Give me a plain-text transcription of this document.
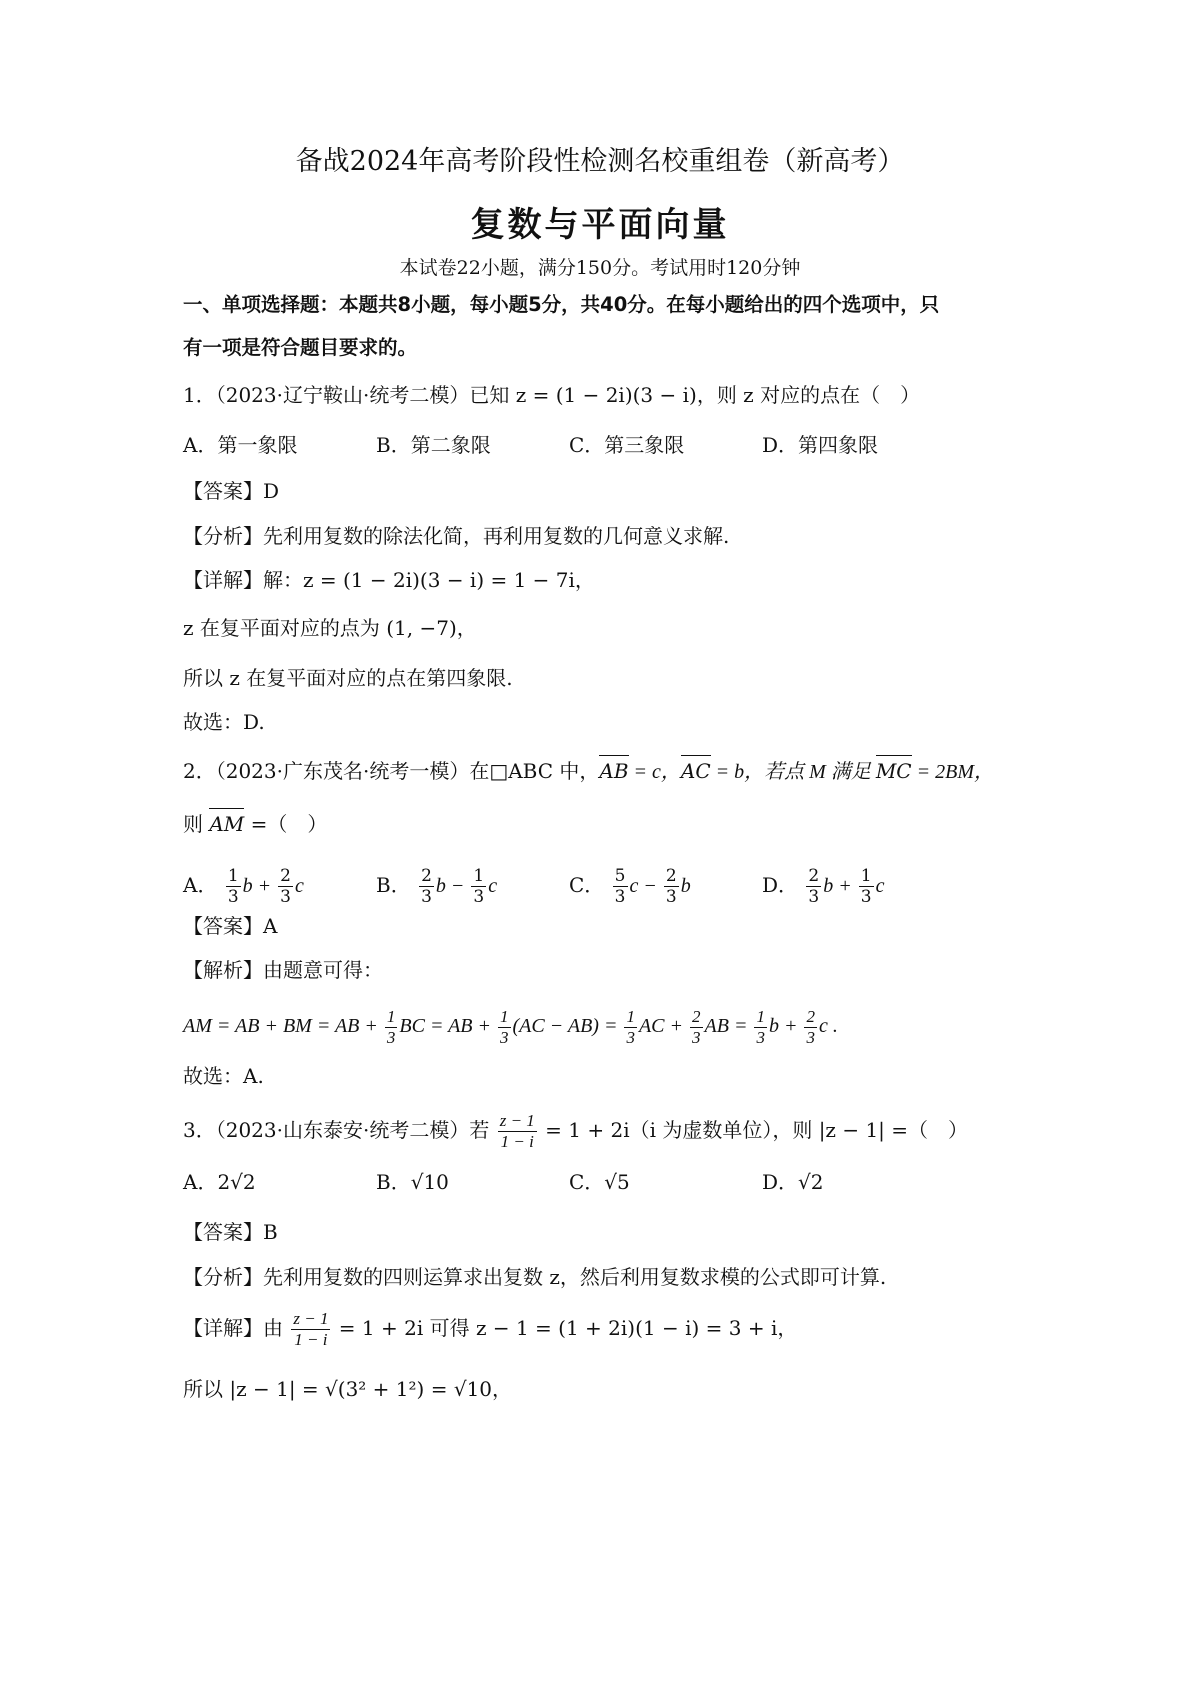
备战2024年高考阶段性检测名校重组卷（新高考）
复数与平面向量
本试卷22小题，满分150分。考试用时120分钟
一、单项选择题：本题共8小题，每小题5分，共40分。在每小题给出的四个选项中，只
有一项是符合题目要求的。
1．（2023·辽宁鞍山·统考二模）已知 z = (1 − 2i)(3 − i)，则 z 对应的点在（　）
A．第一象限	B．第二象限	C．第三象限	D．第四象限
【答案】D
【分析】先利用复数的除法化简，再利用复数的几何意义求解.
【详解】解：z = (1 − 2i)(3 − i) = 1 − 7i，
z 在复平面对应的点为 (1, −7)，
所以 z 在复平面对应的点在第四象限.
故选：D.
2．（2023·广东茂名·统考一模）在□ABC 中，AB = c，AC = b，若点 M 满足 MC = 2BM，
则 AM =（　）
A． $\frac{1}{3}$ $b + \frac{2}{3}$ c	B． $\frac{2}{3}$ $b - \frac{1}{3}$ c	C． $\frac{5}{3}$ $c - \frac{2}{3}$ b	D． $\frac{2}{3}$ $b + \frac{1}{3}$ c
【答案】A
【解析】由题意可得：
AM = AB + BM = AB + $\frac{1}{3}$ BC = AB + $\frac{1}{3} (AC - AB) = \frac{1}{3}$ AC + $\frac{2}{3}$ AB = $\frac{1}{3}$ $b + \frac{2}{3}$ c .
故选：A.
3．（2023·山东泰安·统考二模）若 $\frac{z - 1}{1 - i} = 1 + 2i(i$ 为虚数单位），则 |z − 1| =（　）
A．2√2	B．√10	C．√5	D．√2
【答案】B
【分析】先利用复数的四则运算求出复数 z，然后利用复数求模的公式即可计算.
【详解】由 $\frac{z - 1}{1 - i} = 1 + 2i$ 可得 z − 1 = (1 + 2i)(1 − i) = 3 + i，
所以 |z − 1| = √(3² + 1²) = √10，
